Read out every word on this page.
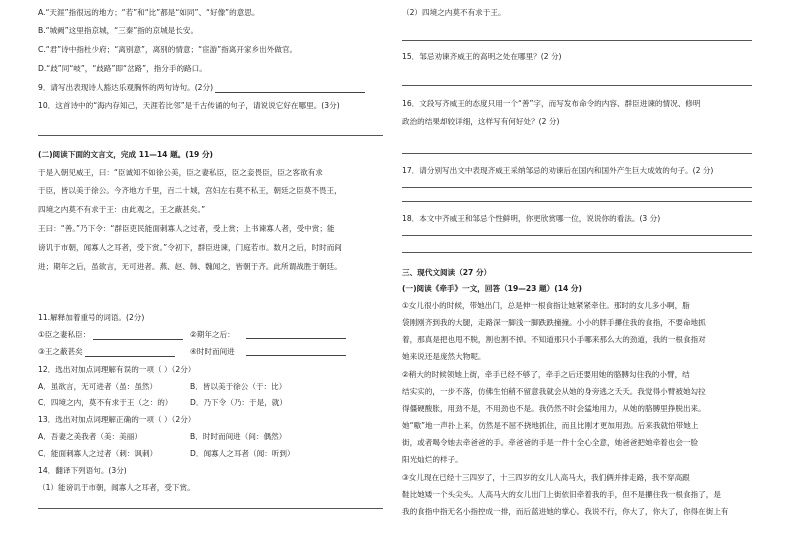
A.“天涯”指很远的地方；“若”和“比”都是“如同”、“好像”的意思。
B.“城阙”这里指京城，“三秦”指的京城是长安。
C.“君”诗中指杜少府；“离别意”，离别的情意；“宦游”指离开家乡出外做官。
D.“歧”同“岐”，“歧路”即“岔路”，指分手的路口。
9．请写出表现诗人豁达乐观胸怀的两句诗句。(2分)
10．这首诗中的“海内存知己，天涯若比邻”是千古传诵的句子，请说说它好在哪里。(3分)
(二)阅读下面的文言文，完成 11—14 题。(19 分)
于是入朝见威王，曰：“臣诚知不如徐公美，臣之妻私臣，臣之妾畏臣，臣之客欲有求
于臣，皆以美于徐公。今齐地方千里，百二十城，宫妇左右莫不私王，朝廷之臣莫不畏王，
四境之内莫不有求于王：由此观之，王之蔽甚矣。”
王曰：“善。”乃下令：“群臣吏民能面刺寡人之过者，受上赏；上书谏寡人者，受中赏；能
谤讥于市朝，闻寡人之耳者，受下赏。”令初下，群臣进谏，门庭若市。数月之后，时时而间
进；期年之后，虽欲言，无可进者。燕、赵、韩、魏闻之，皆朝于齐。此所谓战胜于朝廷。
11.解释加着重号的词语。(2分)
①臣之妻私臣：	②期年之后：
③王之蔽甚矣	④时时而间进
12．选出对加点词理解有误的一项（ ）（2分）
A．虽欲言，无可进者（虽：虽然）	B．皆以美于徐公（于：比）
C．四境之内，莫不有求于王（之：的） D．乃下令（乃：于是，就）
13．选出对加点词理解正确的一项（ ）（2分）
A．吾妻之美我者（美：美丽）	B．时时而间进（间：偶然）
C．能面刺寡人之过者（刺：讽刺）	D．闻寡人之耳者（闻：听到）
14．翻译下列语句。(3分)
（1）能谤讥于市朝，闻寡人之耳者，受下赏。
（2）四境之内莫不有求于王。
15．邹忌劝谏齐威王的高明之处在哪里？(2 分)
16．文段写齐威王的态度只用一个“善”字，而写发布命令的内容、群臣进谏的情况、修明
政治的结果却较详细，这样写有何好处？(2 分)
17．请分别写出文中表现齐威王采纳邹忌的劝谏后在国内和国外产生巨大成效的句子。(2 分)
18．本文中齐威王和邹忌个性鲜明，你更欣赏哪一位，说说你的看法。(3 分)
三、现代文阅读（27 分）
(一)阅读《牵手》一文，回答（19—23 题）(14 分)
①女儿很小的时候，带她出门，总是伸一根食指让她紧紧牵住。那时的女儿多小啊，脂
袋刚刚齐到我的大腿，走路深一脚浅一脚跌跌撞撞。小小的胖手攥住我的食指，不要命地抓
着，那真是把也甩不脱，割也割不掉。不知道那只小手哪来那么大的劲道，我的一根食指对
她来说还是庞然大物呢。
②稍大的时候领她上街，牵手已经不够了，牵手之后还要用她的胳膊勾住我的小臂，结
结实实的，一步不落，仿佛生怕稍不留意我就会从她的身旁逃之夭夭。我觉得小臂被她勾拉
得僵硬酸胀，用劲不是，不用劲也不是。我仍然不时会猛地用力，从她的胳膊里挣脱出来。
她“嗷”地一声扑上来，仿然是不屈不挠地抓住，而且比刚才更加用劲。后来我就怕带她上
街，或者喝令她去牵爸爸的手。牵爸爸的手是一件十全心全意，她爸爸把她牵着也会一脸
阳光灿烂的样子。
③女儿现在已经十三四岁了，十三四岁的女儿人高马大，我们俩并排走路，我不穿高跟
鞋比她矮一个头尖头。人高马大的女儿出门上街依旧牵着我的手，但不是攥住我一根食指了，是
我的食指中指无名小指控成一排，而后蓝进她的掌心。我说不行，你大了，你大了，你得在街上有
